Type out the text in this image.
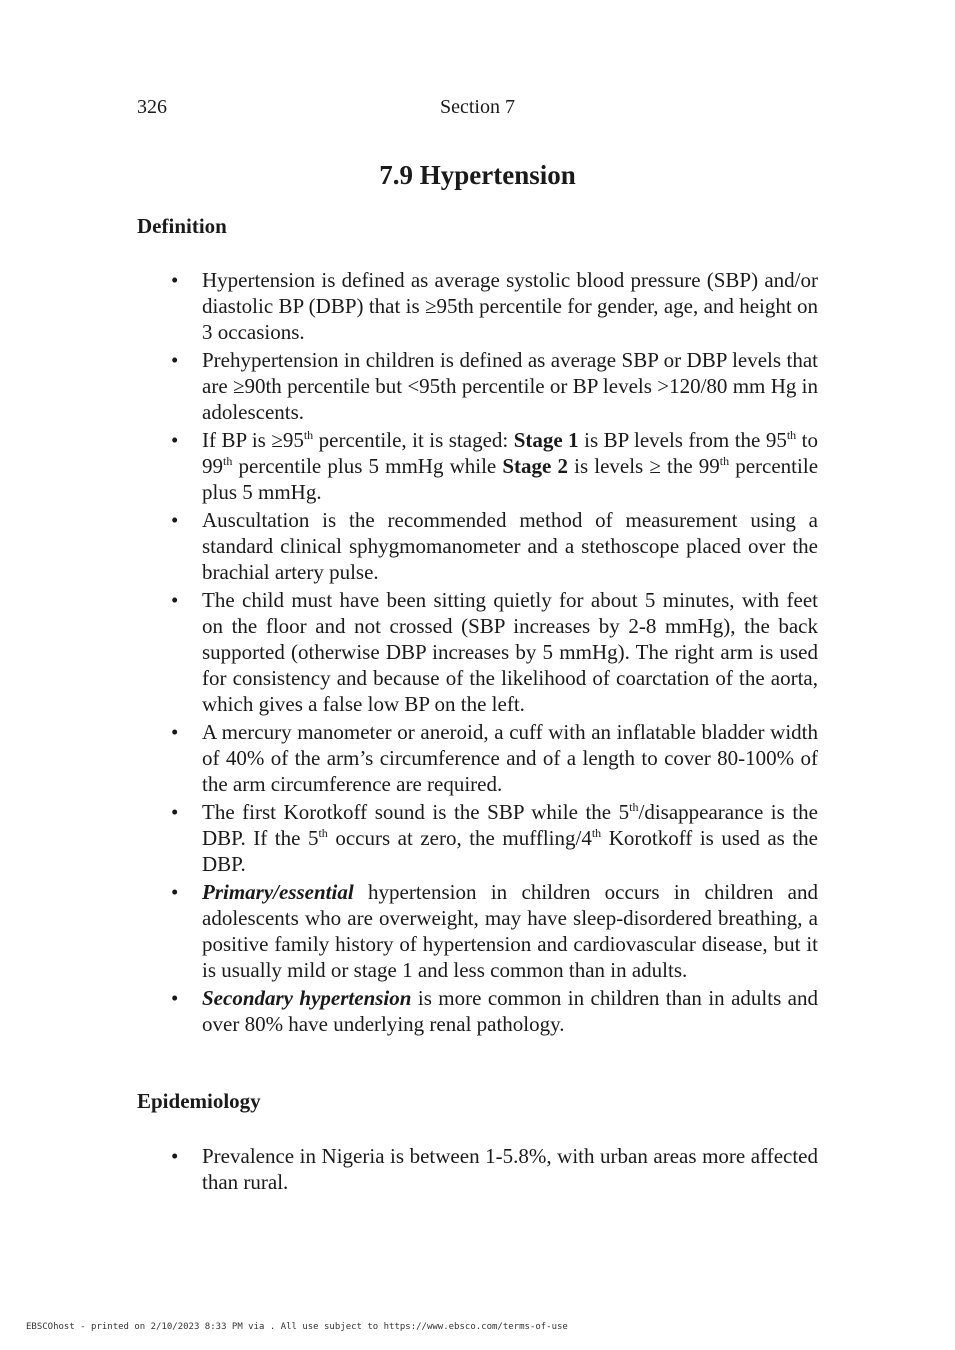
326	Section 7
7.9 Hypertension
Definition
• Hypertension is defined as average systolic blood pressure (SBP) and/or diastolic BP (DBP) that is ≥95th percentile for gender, age, and height on 3 occasions.
• Prehypertension in children is defined as average SBP or DBP levels that are ≥90th percentile but <95th percentile or BP levels >120/80 mm Hg in adolescents.
• If BP is ≥95th percentile, it is staged: Stage 1 is BP levels from the 95th to 99th percentile plus 5 mmHg while Stage 2 is levels ≥ the 99th percentile plus 5 mmHg.
• Auscultation is the recommended method of measurement using a standard clinical sphygmomanometer and a stethoscope placed over the brachial artery pulse.
• The child must have been sitting quietly for about 5 minutes, with feet on the floor and not crossed (SBP increases by 2-8 mmHg), the back supported (otherwise DBP increases by 5 mmHg). The right arm is used for consistency and because of the likelihood of coarctation of the aorta, which gives a false low BP on the left.
• A mercury manometer or aneroid, a cuff with an inflatable bladder width of 40% of the arm’s circumference and of a length to cover 80-100% of the arm circumference are required.
• The first Korotkoff sound is the SBP while the 5th/disappearance is the DBP. If the 5th occurs at zero, the muffling/4th Korotkoff is used as the DBP.
• Primary/essential hypertension in children occurs in children and adolescents who are overweight, may have sleep-disordered breathing, a positive family history of hypertension and cardiovascular disease, but it is usually mild or stage 1 and less common than in adults.
• Secondary hypertension is more common in children than in adults and over 80% have underlying renal pathology.
Epidemiology
• Prevalence in Nigeria is between 1-5.8%, with urban areas more affected than rural.
EBSCOhost - printed on 2/10/2023 8:33 PM via . All use subject to https://www.ebsco.com/terms-of-use
